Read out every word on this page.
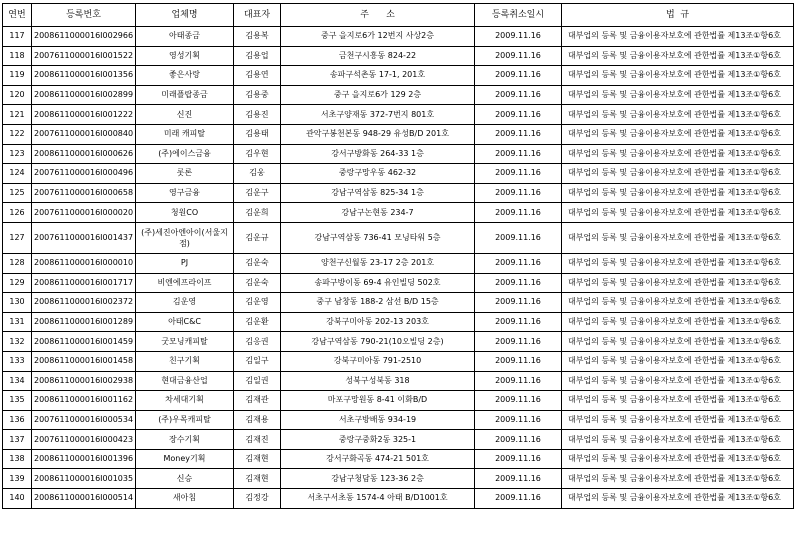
연번	등록번호	업체명	대표자	주      소	등록취소일시	법  규
117	2008611000016I002966	아태종금	김용복	중구 을지로6가 12번지 사상2층	2009.11.16	대부업의 등록 및 금융이용자보호에 관한법률 제13조①항6호
118	2007611000016I001522	영성기획	김용업	금천구시흥동 824-22	2009.11.16	대부업의 등록 및 금융이용자보호에 관한법률 제13조①항6호
119	2008611000016I001356	좋은사랑	김용연	송파구석촌동 17-1, 201호	2009.11.16	대부업의 등록 및 금융이용자보호에 관한법률 제13조①항6호
120	2008611000016I002899	미래플랍종금	김용중	중구 을지로6가 129 2층	2009.11.16	대부업의 등록 및 금융이용자보호에 관한법률 제13조①항6호
121	2008611000016I001222	신진	김용진	서초구양재동 372-7번지 801호	2009.11.16	대부업의 등록 및 금융이용자보호에 관한법률 제13조①항6호
122	2007611000016I000840	미래 캐피탈	김용태	관악구봉천본동 948-29 유성B/D 201호	2009.11.16	대부업의 등록 및 금융이용자보호에 관한법률 제13조①항6호
123	2008611000016I000626	(주)에이스금융	김우현	강서구방화동 264-33 1층	2009.11.16	대부업의 등록 및 금융이용자보호에 관한법률 제13조①항6호
124	2007611000016I000496	롯론	김웅	중랑구망우동 462-32	2009.11.16	대부업의 등록 및 금융이용자보호에 관한법률 제13조①항6호
125	2007611000016I000658	영구금융	김운구	강남구역삼동 825-34 1층	2009.11.16	대부업의 등록 및 금융이용자보호에 관한법률 제13조①항6호
126	2007611000016I000020	청원CO	김운희	강남구논현동 234-7	2009.11.16	대부업의 등록 및 금융이용자보호에 관한법률 제13조①항6호
127	2007611000016I001437	(주)세진아엔아이(서울지점)	김운규	강남구역삼동 736-41 모닝타워 5층	2009.11.16	대부업의 등록 및 금융이용자보호에 관한법률 제13조①항6호
128	2008611000016I000010	PJ	김운숙	양천구신월동 23-17 2층 201호	2009.11.16	대부업의 등록 및 금융이용자보호에 관한법률 제13조①항6호
129	2008611000016I001717	비엔에프라이프	김운숙	송파구방이동 69-4 유인빌딩 502호	2009.11.16	대부업의 등록 및 금융이용자보호에 관한법률 제13조①항6호
130	2008611000016I002372	김운영	김운영	중구 남창동 188-2 삼선 B/D 15층	2009.11.16	대부업의 등록 및 금융이용자보호에 관한법률 제13조①항6호
131	2008611000016I001289	아태C&C	김운환	강북구미아동 202-13 203호	2009.11.16	대부업의 등록 및 금융이용자보호에 관한법률 제13조①항6호
132	2008611000016I001459	굿모닝캐피탈	김응권	강남구역삼동 790-21(10오빌딩 2층)	2009.11.16	대부업의 등록 및 금융이용자보호에 관한법률 제13조①항6호
133	2008611000016I001458	친구기획	김일구	강북구미아동 791-2510	2009.11.16	대부업의 등록 및 금융이용자보호에 관한법률 제13조①항6호
134	2008611000016I002938	현대금융산업	김일권	성북구성북동 318	2009.11.16	대부업의 등록 및 금융이용자보호에 관한법률 제13조①항6호
135	2008611000016I001162	차세대기획	김재관	마포구망원동 8-41 이화B/D	2009.11.16	대부업의 등록 및 금융이용자보호에 관한법률 제13조①항6호
136	2007611000016I000534	(주)우목캐피탈	김재용	서초구방배동 934-19	2009.11.16	대부업의 등록 및 금융이용자보호에 관한법률 제13조①항6호
137	2007611000016I000423	장수기획	김재진	중랑구중화2동 325-1	2009.11.16	대부업의 등록 및 금융이용자보호에 관한법률 제13조①항6호
138	2008611000016I001396	Money기획	김재현	강서구화곡동 474-21 501호	2009.11.16	대부업의 등록 및 금융이용자보호에 관한법률 제13조①항6호
139	2008611000016I001035	신승	김재현	강남구청담동 123-36 2층	2009.11.16	대부업의 등록 및 금융이용자보호에 관한법률 제13조①항6호
140	2008611000016I000514	새아침	김정강	서초구서초동 1574-4 아태 B/D1001호	2009.11.16	대부업의 등록 및 금융이용자보호에 관한법률 제13조①항6호
